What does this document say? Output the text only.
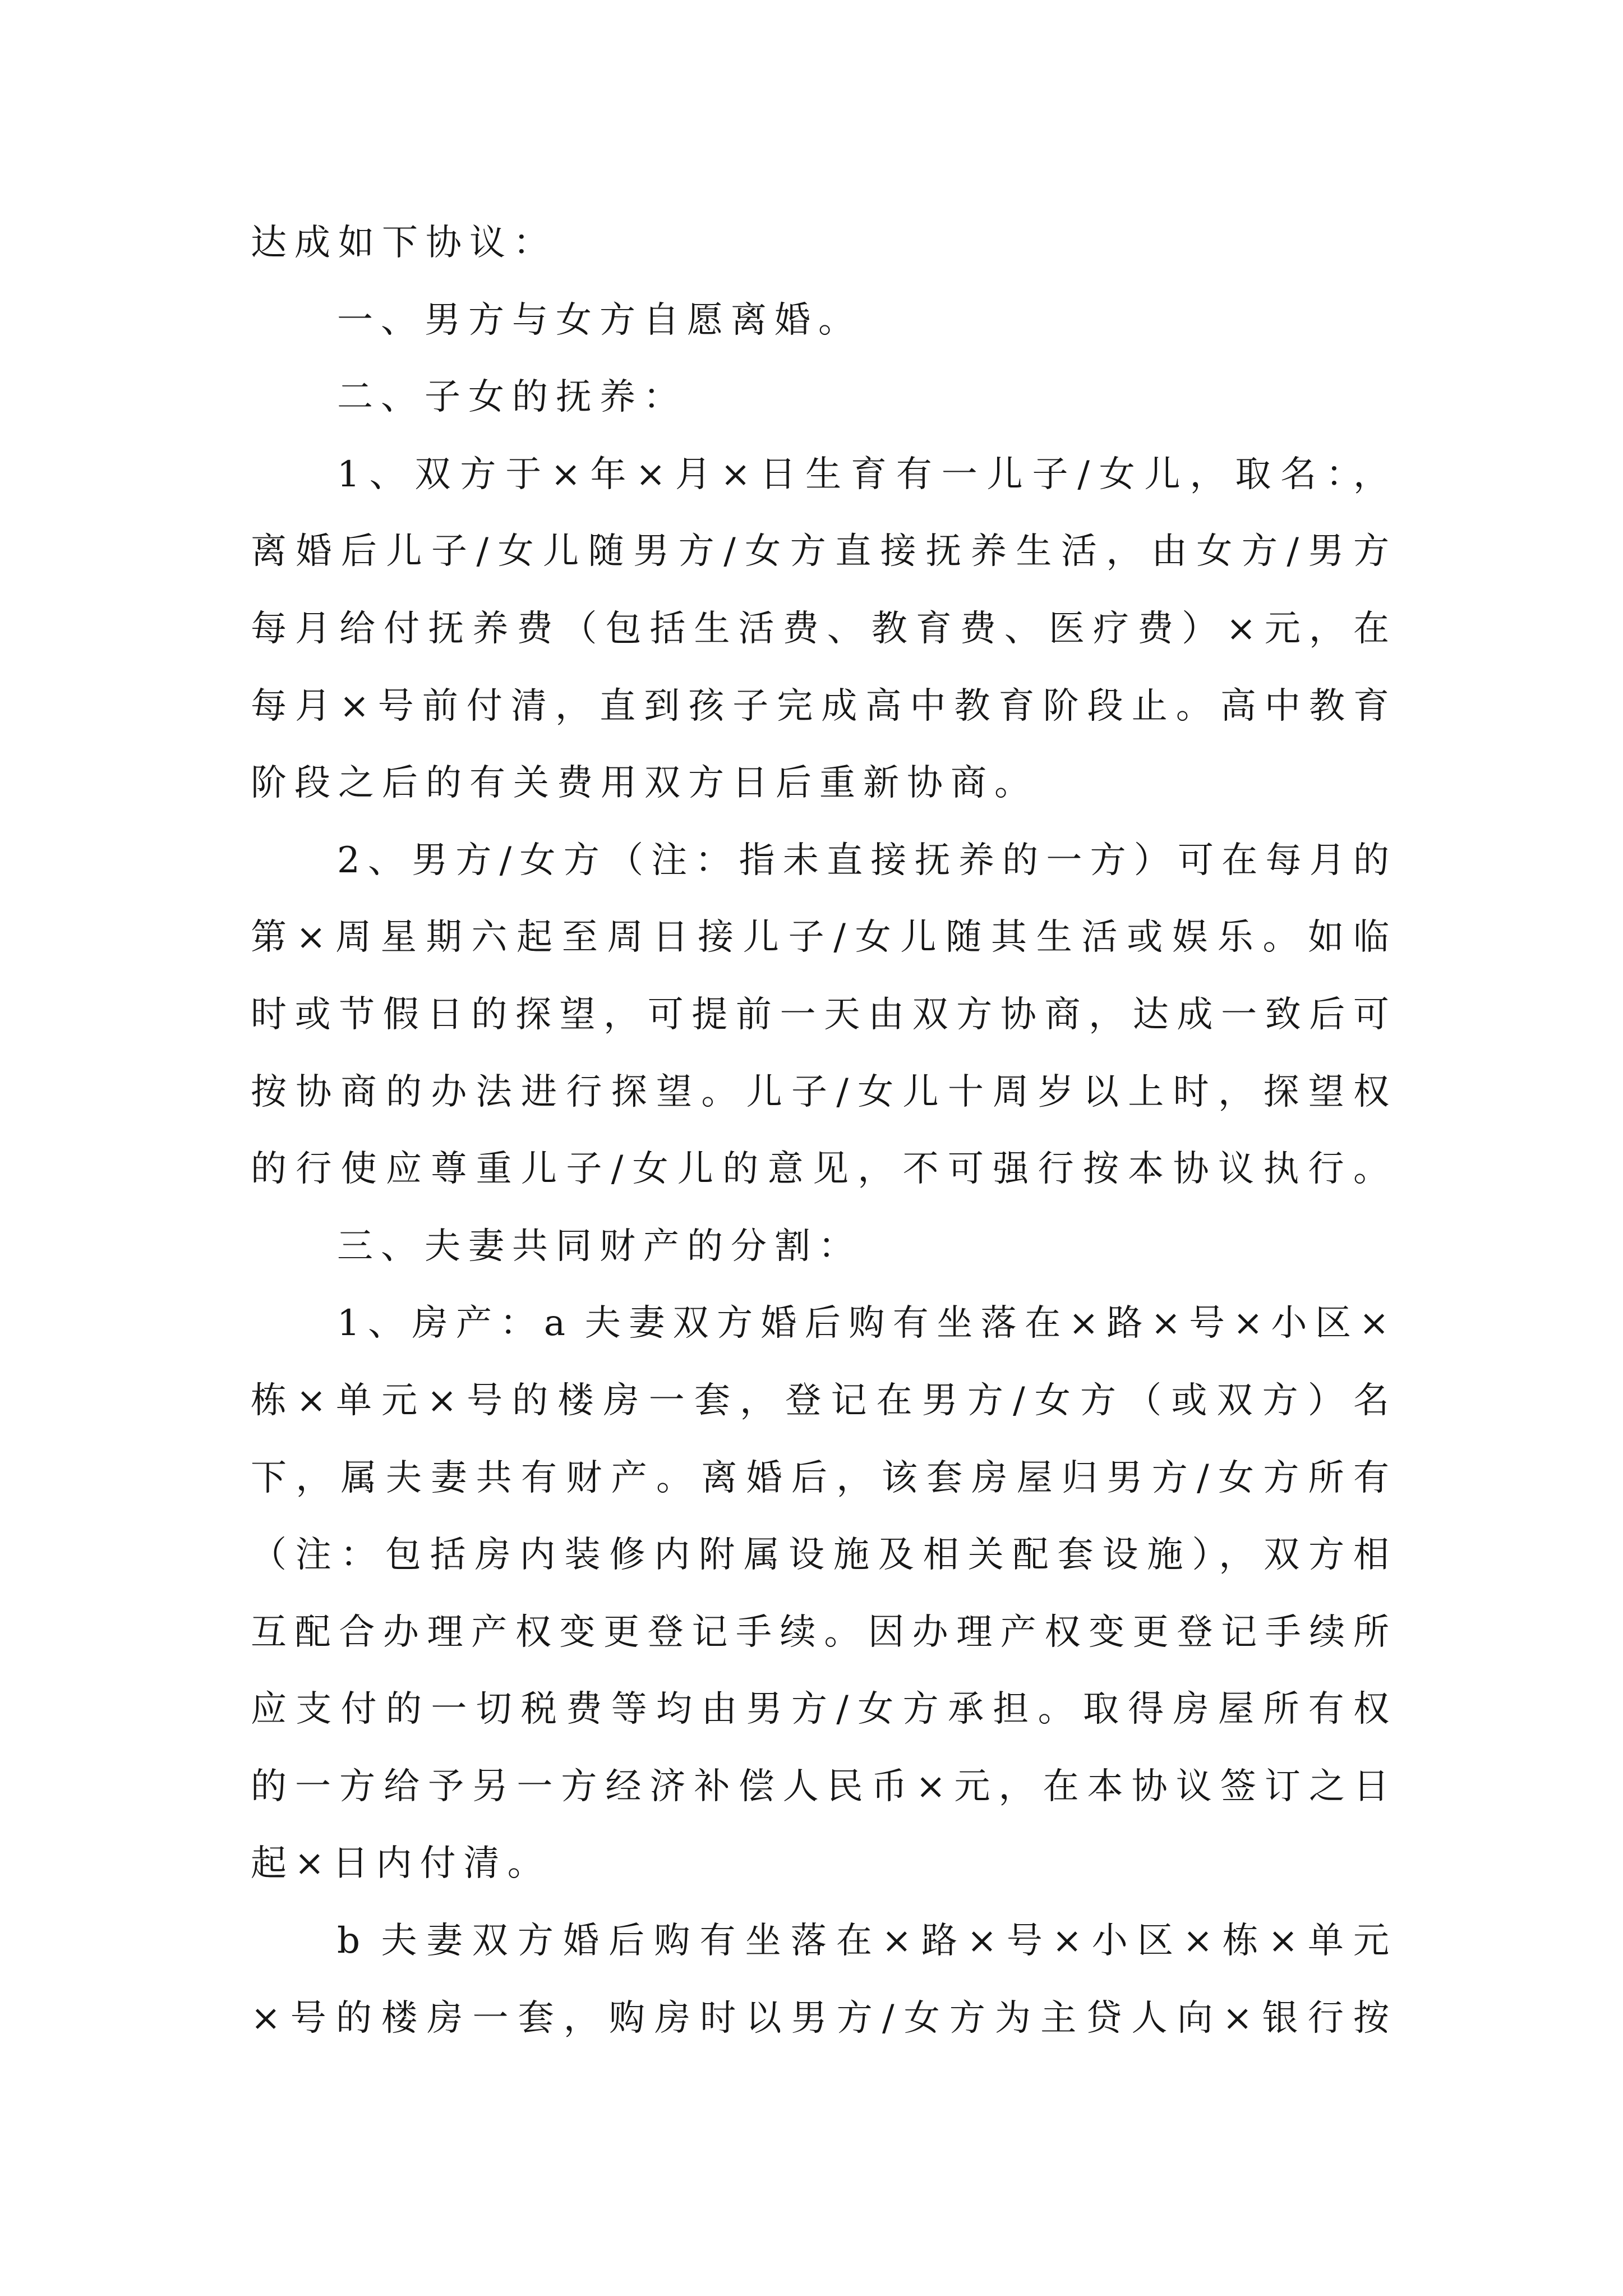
达成如下协议：
一、男方与女方自愿离婚。
二、子女的抚养：
1、双方于×年×月×日生育有一儿子/女儿，取名：，
离婚后儿子/女儿随男方/女方直接抚养生活，由女方/男方
每月给付抚养费（包括生活费、教育费、医疗费）×元，在
每月×号前付清，直到孩子完成高中教育阶段止。高中教育
阶段之后的有关费用双方日后重新协商。
2、男方/女方（注：指未直接抚养的一方）可在每月的
第×周星期六起至周日接儿子/女儿随其生活或娱乐。如临
时或节假日的探望，可提前一天由双方协商，达成一致后可
按协商的办法进行探望。儿子/女儿十周岁以上时，探望权
的行使应尊重儿子/女儿的意见，不可强行按本协议执行。
三、夫妻共同财产的分割：
1、房产：a 夫妻双方婚后购有坐落在×路×号×小区×
栋×单元×号的楼房一套，登记在男方/女方（或双方）名
下，属夫妻共有财产。离婚后，该套房屋归男方/女方所有
（注：包括房内装修内附属设施及相关配套设施），双方相
互配合办理产权变更登记手续。因办理产权变更登记手续所
应支付的一切税费等均由男方/女方承担。取得房屋所有权
的一方给予另一方经济补偿人民币×元，在本协议签订之日
起×日内付清。
b 夫妻双方婚后购有坐落在×路×号×小区×栋×单元
×号的楼房一套，购房时以男方/女方为主贷人向×银行按
